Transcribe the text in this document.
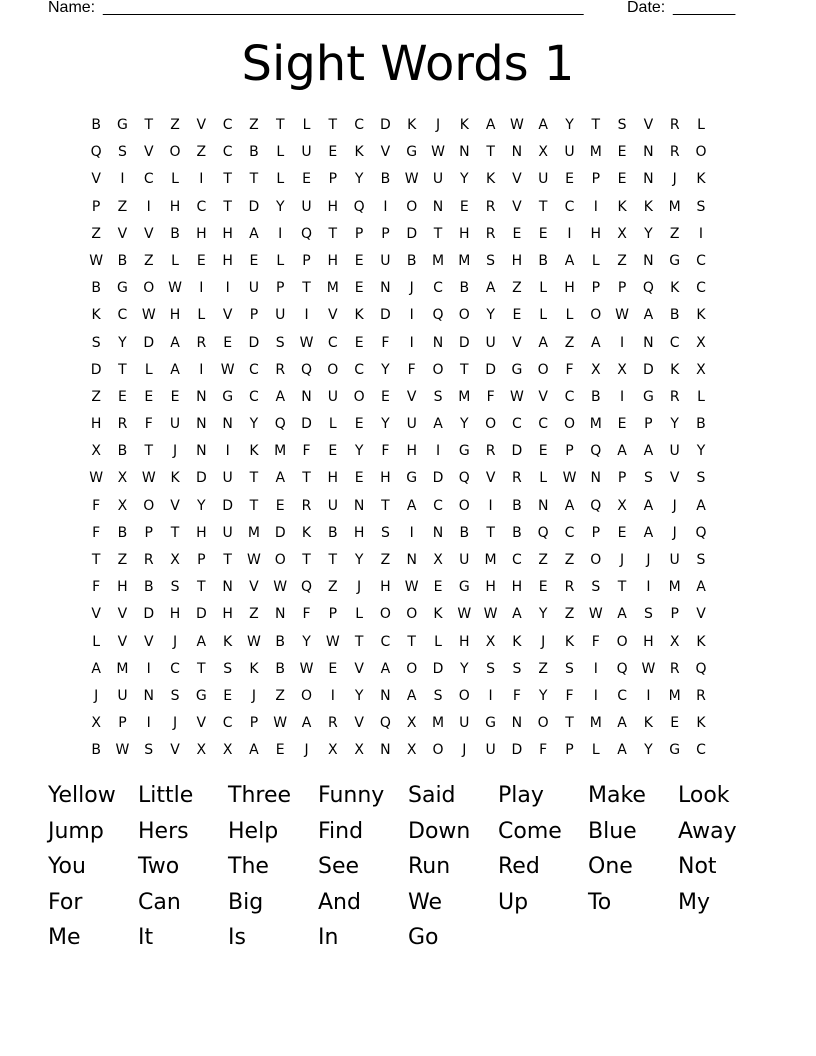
Name: ______________________________________________________	Date: _______
Sight Words 1
B	G	T	Z	V	C	Z	T	L	T	C	D	K	J	K	A	W	A	Y	T	S	V	R	L
Q	S	V	O	Z	C	B	L	U	E	K	V	G W	N	T	N	X	U	M	E	N	R	O
V	I	C	L	I	T	T	L	E	P	Y	B	W	U	Y	K	V	U	E	P	E	N	J	K
P	Z	I	H	C	T	D	Y	U	H	Q	I	O	N	E	R	V	T	C	I	K	K	M	S
Z	V	V	B	H	H	A	I	Q	T	P	P	D	T	H	R	E	E	I	H	X	Y	Z	I
W	B	Z	L	E	H	E	L	P	H	E	U	B	M	M	S	H	B	A	L	Z	N	G	C
B	G	O W	I	I	U	P	T	M	E	N	J	C	B	A	Z	L	H	P	P	Q	K	C
K	C	W	H	L	V	P	U	I	V	K	D	I	Q	O	Y	E	L	L	O W	A	B	K
S	Y	D	A	R	E	D	S	W	C	E	F	I	N	D	U	V	A	Z	A	I	N	C	X
D	T	L	A	I	W	C	R	Q	O	C	Y	F	O	T	D	G	O	F	X	X	D	K	X
Z	E	E	E	N	G	C	A	N	U	O	E	V	S	M	F	W	V	C	B	I	G	R	L
H	R	F	U	N	N	Y	Q	D	L	E	Y	U	A	Y	O	C	C	O	M	E	P	Y	B
X	B	T	J	N	I	K	M	F	E	Y	F	H	I	G	R	D	E	P	Q	A	A	U	Y
W	X	W	K	D	U	T	A	T	H	E	H	G	D	Q	V	R	L	W	N	P	S	V	S
F	X	O	V	Y	D	T	E	R	U	N	T	A	C	O	I	B	N	A	Q	X	A	J	A
F	B	P	T	H	U	M	D	K	B	H	S	I	N	B	T	B	Q	C	P	E	A	J	Q
T	Z	R	X	P	T	W O	T	T	Y	Z	N	X	U	M	C	Z	Z	O	J	J	U	S
F	H	B	S	T	N	V	W Q	Z	J	H	W	E	G	H	H	E	R	S	T	I	M	A
V	V	D	H	D	H	Z	N	F	P	L	O	O	K	W W	A	Y	Z	W	A	S	P	V
L	V	V	J	A	K	W	B	Y	W	T	C	T	L	H	X	K	J	K	F	O	H	X	K
A	M	I	C	T	S	K	B	W	E	V	A	O	D	Y	S	S	Z	S	I	Q W	R	Q
J	U	N	S	G	E	J	Z	O	I	Y	N	A	S	O	I	F	Y	F	I	C	I	M	R
X	P	I	J	V	C	P	W	A	R	V	Q	X	M	U	G	N	O	T	M	A	K	E	K
B	W	S	V	X	X	A	E	J	X	X	N	X	O	J	U	D	F	P	L	A	Y	G	C
Yellow	Little	Three	Funny	Said	Play	Make	Look
Jump	Hers	Help	Find	Down	Come	Blue	Away
You	Two	The	See	Run	Red	One	Not
For	Can	Big	And	We	Up	To	My
Me	It	Is	In	Go
